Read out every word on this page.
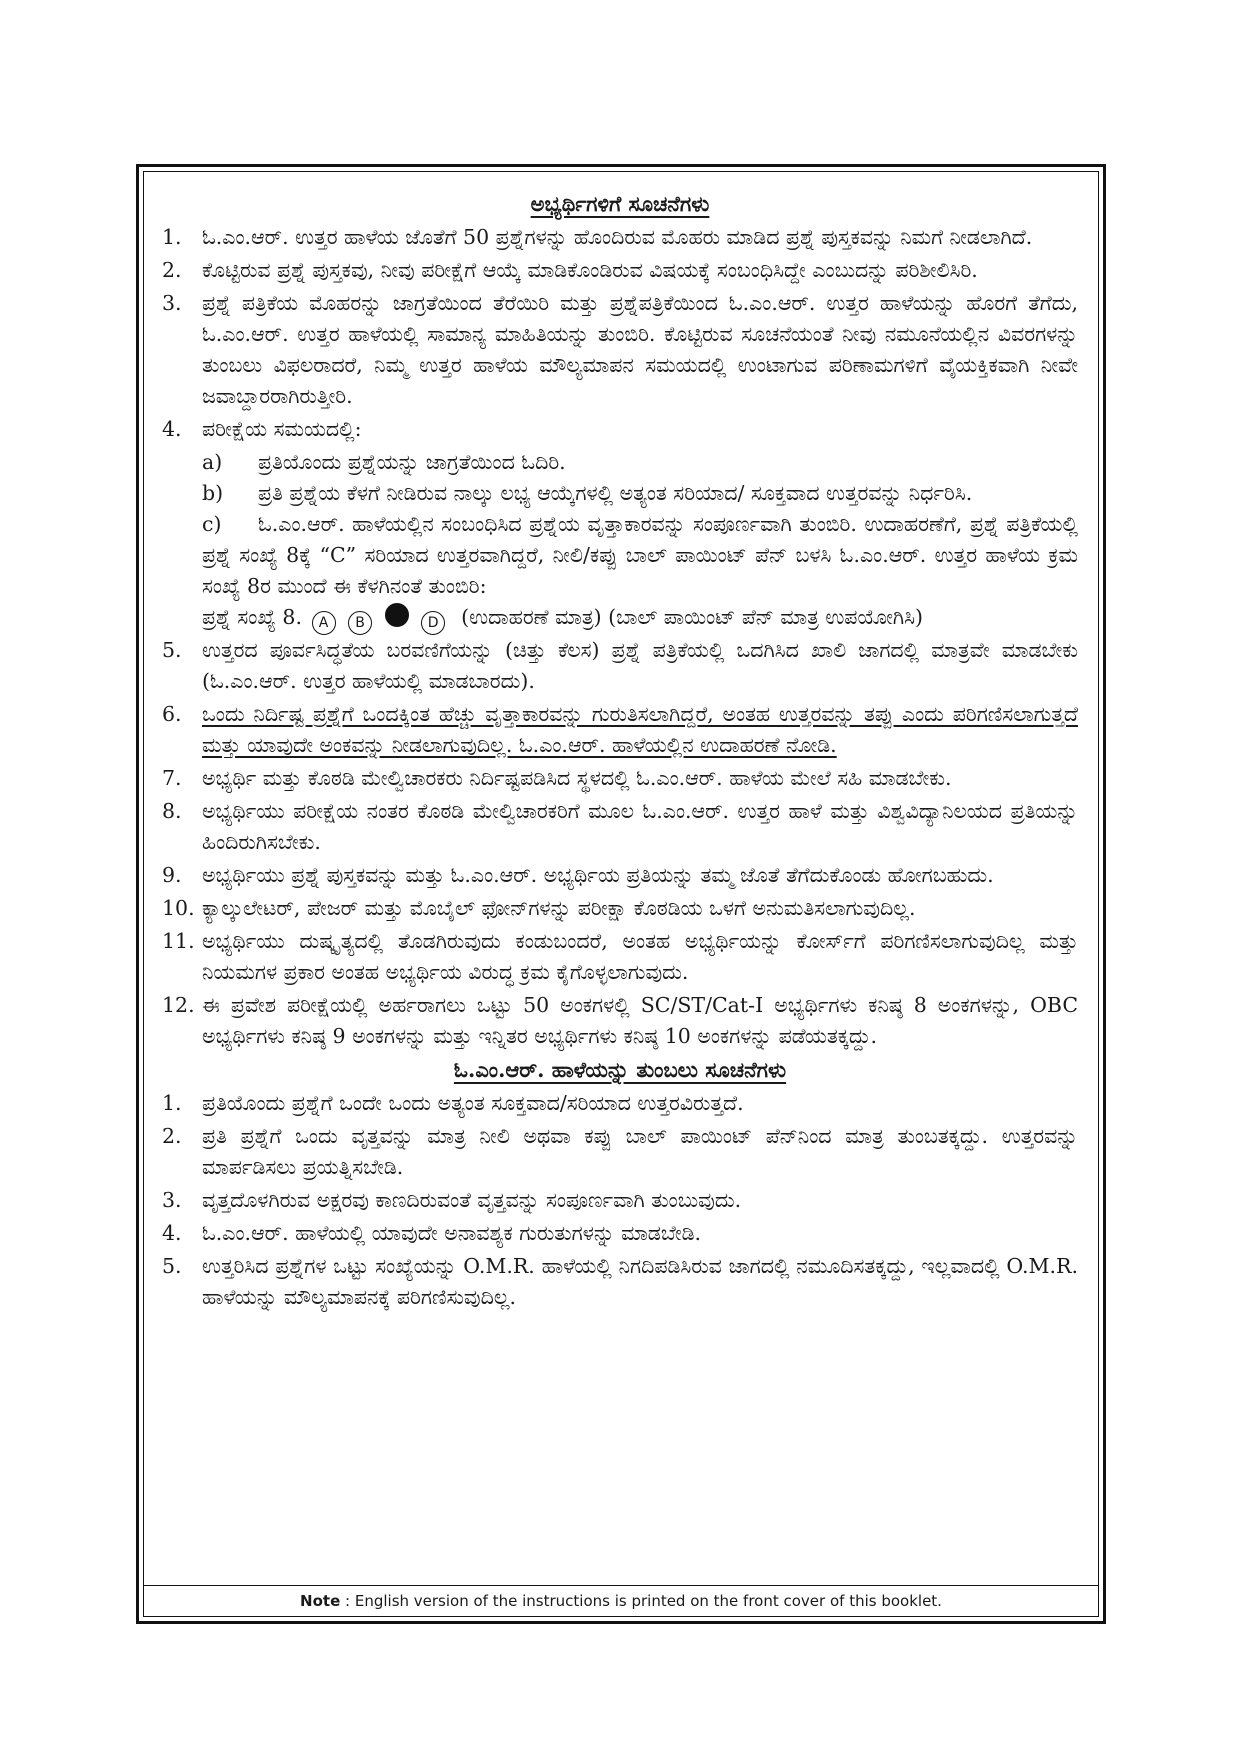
ಅಭ್ಯರ್ಥಿಗಳಿಗೆ ಸೂಚನೆಗಳು
1. ಓ.ಎಂ.ಆರ್. ಉತ್ತರ ಹಾಳೆಯ ಜೊತೆಗೆ 50 ಪ್ರಶ್ನೆಗಳನ್ನು ಹೊಂದಿರುವ ಮೊಹರು ಮಾಡಿದ ಪ್ರಶ್ನೆ ಪುಸ್ತಕವನ್ನು ನಿಮಗೆ ನೀಡಲಾಗಿದೆ.
2. ಕೊಟ್ಟಿರುವ ಪ್ರಶ್ನೆ ಪುಸ್ತಕವು, ನೀವು ಪರೀಕ್ಷೆಗೆ ಆಯ್ಕೆ ಮಾಡಿಕೊಂಡಿರುವ ವಿಷಯಕ್ಕೆ ಸಂಬಂಧಿಸಿದ್ದೇ ಎಂಬುದನ್ನು ಪರಿಶೀಲಿಸಿರಿ.
3. ಪ್ರಶ್ನೆ ಪತ್ರಿಕೆಯ ಮೊಹರನ್ನು ಜಾಗ್ರತೆಯಿಂದ ತೆರೆಯಿರಿ ಮತ್ತು ಪ್ರಶ್ನೆಪತ್ರಿಕೆಯಿಂದ ಓ.ಎಂ.ಆರ್. ಉತ್ತರ ಹಾಳೆಯನ್ನು ಹೊರಗೆ ತೆಗೆದು, ಓ.ಎಂ.ಆರ್. ಉತ್ತರ ಹಾಳೆಯಲ್ಲಿ ಸಾಮಾನ್ಯ ಮಾಹಿತಿಯನ್ನು ತುಂಬಿರಿ. ಕೊಟ್ಟಿರುವ ಸೂಚನೆಯಂತೆ ನೀವು ನಮೂನೆಯಲ್ಲಿನ ವಿವರಗಳನ್ನು ತುಂಬಲು ವಿಫಲರಾದರೆ, ನಿಮ್ಮ ಉತ್ತರ ಹಾಳೆಯ ಮೌಲ್ಯಮಾಪನ ಸಮಯದಲ್ಲಿ ಉಂಟಾಗುವ ಪರಿಣಾಮಗಳಿಗೆ ವೈಯಕ್ತಿಕವಾಗಿ ನೀವೇ ಜವಾಬ್ದಾರರಾಗಿರುತ್ತೀರಿ.
4. ಪರೀಕ್ಷೆಯ ಸಮಯದಲ್ಲಿ:
a)	ಪ್ರತಿಯೊಂದು ಪ್ರಶ್ನೆಯನ್ನು ಜಾಗ್ರತೆಯಿಂದ ಓದಿರಿ.
b)	ಪ್ರತಿ ಪ್ರಶ್ನೆಯ ಕೆಳಗೆ ನೀಡಿರುವ ನಾಲ್ಕು ಲಭ್ಯ ಆಯ್ಕೆಗಳಲ್ಲಿ ಅತ್ಯಂತ ಸರಿಯಾದ/ ಸೂಕ್ತವಾದ ಉತ್ತರವನ್ನು ನಿರ್ಧರಿಸಿ.
c) ಓ.ಎಂ.ಆರ್. ಹಾಳೆಯಲ್ಲಿನ ಸಂಬಂಧಿಸಿದ ಪ್ರಶ್ನೆಯ ವೃತ್ತಾಕಾರವನ್ನು ಸಂಪೂರ್ಣವಾಗಿ ತುಂಬಿರಿ. ಉದಾಹರಣೆಗೆ, ಪ್ರಶ್ನೆ ಪತ್ರಿಕೆಯಲ್ಲಿ ಪ್ರಶ್ನೆ ಸಂಖ್ಯೆ 8ಕ್ಕೆ “C” ಸರಿಯಾದ ಉತ್ತರವಾಗಿದ್ದರೆ, ನೀಲಿ/ಕಪ್ಪು ಬಾಲ್ ಪಾಯಿಂಟ್ ಪೆನ್ ಬಳಸಿ ಓ.ಎಂ.ಆರ್. ಉತ್ತರ ಹಾಳೆಯ ಕ್ರಮ ಸಂಖ್ಯೆ 8ರ ಮುಂದೆ ಈ ಕೆಳಗಿನಂತೆ ತುಂಬಿರಿ:
ಪ್ರಶ್ನೆ ಸಂಖ್ಯೆ 8. A B	D (ಉದಾಹರಣೆ ಮಾತ್ರ) (ಬಾಲ್ ಪಾಯಿಂಟ್ ಪೆನ್ ಮಾತ್ರ ಉಪಯೋಗಿಸಿ)
5. ಉತ್ತರದ ಪೂರ್ವಸಿದ್ಧತೆಯ ಬರವಣಿಗೆಯನ್ನು (ಚಿತ್ತು ಕೆಲಸ) ಪ್ರಶ್ನೆ ಪತ್ರಿಕೆಯಲ್ಲಿ ಒದಗಿಸಿದ ಖಾಲಿ ಜಾಗದಲ್ಲಿ ಮಾತ್ರವೇ ಮಾಡಬೇಕು (ಓ.ಎಂ.ಆರ್. ಉತ್ತರ ಹಾಳೆಯಲ್ಲಿ ಮಾಡಬಾರದು).
6. ಒಂದು ನಿರ್ದಿಷ್ಟ ಪ್ರಶ್ನೆಗೆ ಒಂದಕ್ಕಿಂತ ಹೆಚ್ಚು ವೃತ್ತಾಕಾರವನ್ನು ಗುರುತಿಸಲಾಗಿದ್ದರೆ, ಅಂತಹ ಉತ್ತರವನ್ನು ತಪ್ಪು ಎಂದು ಪರಿಗಣಿಸಲಾಗುತ್ತದೆ ಮತ್ತು ಯಾವುದೇ ಅಂಕವನ್ನು ನೀಡಲಾಗುವುದಿಲ್ಲ. ಓ.ಎಂ.ಆರ್. ಹಾಳೆಯಲ್ಲಿನ ಉದಾಹರಣೆ ನೋಡಿ.
7. ಅಭ್ಯರ್ಥಿ ಮತ್ತು ಕೊಠಡಿ ಮೇಲ್ವಿಚಾರಕರು ನಿರ್ದಿಷ್ಟಪಡಿಸಿದ ಸ್ಥಳದಲ್ಲಿ ಓ.ಎಂ.ಆರ್. ಹಾಳೆಯ ಮೇಲೆ ಸಹಿ ಮಾಡಬೇಕು.
8. ಅಭ್ಯರ್ಥಿಯು ಪರೀಕ್ಷೆಯ ನಂತರ ಕೊಠಡಿ ಮೇಲ್ವಿಚಾರಕರಿಗೆ ಮೂಲ ಓ.ಎಂ.ಆರ್. ಉತ್ತರ ಹಾಳೆ ಮತ್ತು ವಿಶ್ವವಿದ್ಯಾನಿಲಯದ ಪ್ರತಿಯನ್ನು ಹಿಂದಿರುಗಿಸಬೇಕು.
9. ಅಭ್ಯರ್ಥಿಯು ಪ್ರಶ್ನೆ ಪುಸ್ತಕವನ್ನು ಮತ್ತು ಓ.ಎಂ.ಆರ್. ಅಭ್ಯರ್ಥಿಯ ಪ್ರತಿಯನ್ನು ತಮ್ಮ ಜೊತೆ ತೆಗೆದುಕೊಂಡು ಹೋಗಬಹುದು.
10. ಕ್ಯಾಲ್ಕುಲೇಟರ್, ಪೇಜರ್ ಮತ್ತು ಮೊಬೈಲ್ ಫೋನ್‌ಗಳನ್ನು ಪರೀಕ್ಷಾ ಕೊಠಡಿಯ ಒಳಗೆ ಅನುಮತಿಸಲಾಗುವುದಿಲ್ಲ.
11. ಅಭ್ಯರ್ಥಿಯು ದುಷ್ಕೃತ್ಯದಲ್ಲಿ ತೊಡಗಿರುವುದು ಕಂಡುಬಂದರೆ, ಅಂತಹ ಅಭ್ಯರ್ಥಿಯನ್ನು ಕೋರ್ಸ್‌ಗೆ ಪರಿಗಣಿಸಲಾಗುವುದಿಲ್ಲ ಮತ್ತು ನಿಯಮಗಳ ಪ್ರಕಾರ ಅಂತಹ ಅಭ್ಯರ್ಥಿಯ ವಿರುದ್ಧ ಕ್ರಮ ಕೈಗೊಳ್ಳಲಾಗುವುದು.
12. ಈ ಪ್ರವೇಶ ಪರೀಕ್ಷೆಯಲ್ಲಿ ಅರ್ಹರಾಗಲು ಒಟ್ಟು 50 ಅಂಕಗಳಲ್ಲಿ SC/ST/Cat-I ಅಭ್ಯರ್ಥಿಗಳು ಕನಿಷ್ಠ 8 ಅಂಕಗಳನ್ನು, OBC ಅಭ್ಯರ್ಥಿಗಳು ಕನಿಷ್ಠ 9 ಅಂಕಗಳನ್ನು ಮತ್ತು ಇನ್ನಿತರ ಅಭ್ಯರ್ಥಿಗಳು ಕನಿಷ್ಠ 10 ಅಂಕಗಳನ್ನು ಪಡೆಯತಕ್ಕದ್ದು.
ಓ.ಎಂ.ಆರ್. ಹಾಳೆಯನ್ನು ತುಂಬಲು ಸೂಚನೆಗಳು
1. ಪ್ರತಿಯೊಂದು ಪ್ರಶ್ನೆಗೆ ಒಂದೇ ಒಂದು ಅತ್ಯಂತ ಸೂಕ್ತವಾದ/ಸರಿಯಾದ ಉತ್ತರವಿರುತ್ತದೆ.
2. ಪ್ರತಿ ಪ್ರಶ್ನೆಗೆ ಒಂದು ವೃತ್ತವನ್ನು ಮಾತ್ರ ನೀಲಿ ಅಥವಾ ಕಪ್ಪು ಬಾಲ್ ಪಾಯಿಂಟ್ ಪೆನ್‌ನಿಂದ ಮಾತ್ರ ತುಂಬತಕ್ಕದ್ದು. ಉತ್ತರವನ್ನು ಮಾರ್ಪಡಿಸಲು ಪ್ರಯತ್ನಿಸಬೇಡಿ.
3. ವೃತ್ತದೊಳಗಿರುವ ಅಕ್ಷರವು ಕಾಣದಿರುವಂತೆ ವೃತ್ತವನ್ನು ಸಂಪೂರ್ಣವಾಗಿ ತುಂಬುವುದು.
4. ಓ.ಎಂ.ಆರ್. ಹಾಳೆಯಲ್ಲಿ ಯಾವುದೇ ಅನಾವಶ್ಯಕ ಗುರುತುಗಳನ್ನು ಮಾಡಬೇಡಿ.
5. ಉತ್ತರಿಸಿದ ಪ್ರಶ್ನೆಗಳ ಒಟ್ಟು ಸಂಖ್ಯೆಯನ್ನು O.M.R. ಹಾಳೆಯಲ್ಲಿ ನಿಗದಿಪಡಿಸಿರುವ ಜಾಗದಲ್ಲಿ ನಮೂದಿಸತಕ್ಕದ್ದು, ಇಲ್ಲವಾದಲ್ಲಿ O.M.R. ಹಾಳೆಯನ್ನು ಮೌಲ್ಯಮಾಪನಕ್ಕೆ ಪರಿಗಣಿಸುವುದಿಲ್ಲ.
Note : English version of the instructions is printed on the front cover of this booklet.
